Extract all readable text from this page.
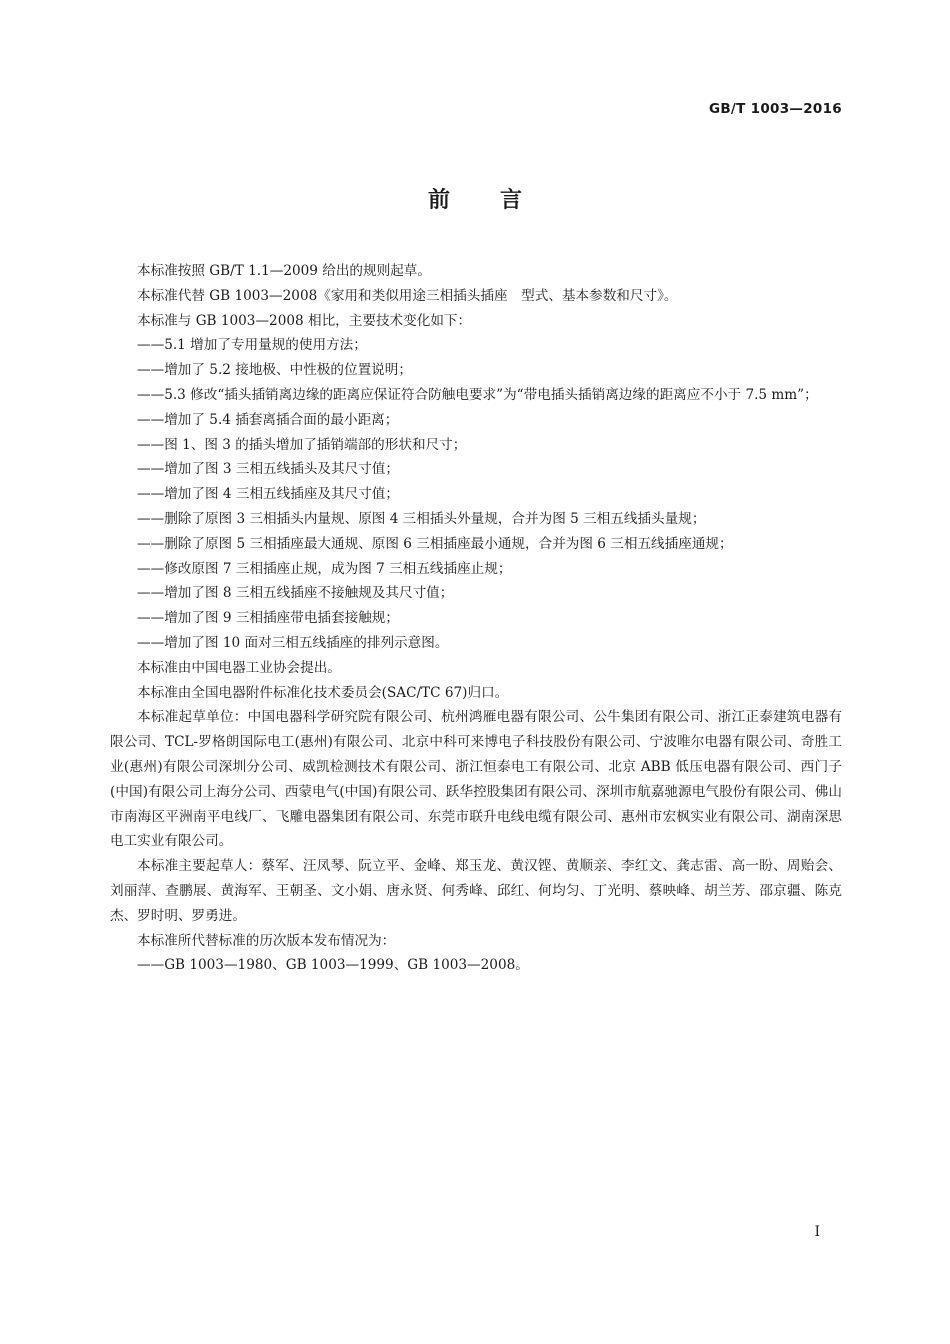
GB/T 1003—2016
前言

本标准按照 GB/T 1.1—2009 给出的规则起草。

本标准代替 GB 1003—2008《家用和类似用途三相插头插座　型式、基本参数和尺寸》。

本标准与 GB 1003—2008 相比，主要技术变化如下：

——5.1 增加了专用量规的使用方法；

——增加了 5.2 接地极、中性极的位置说明；

——5.3 修改“插头插销离边缘的距离应保证符合防触电要求”为“带电插头插销离边缘的距离应不小于 7.5 mm”；

——增加了 5.4 插套离插合面的最小距离；

——图 1、图 3 的插头增加了插销端部的形状和尺寸；

——增加了图 3 三相五线插头及其尺寸值；

——增加了图 4 三相五线插座及其尺寸值；

——删除了原图 3 三相插头内量规、原图 4 三相插头外量规，合并为图 5 三相五线插头量规；

——删除了原图 5 三相插座最大通规、原图 6 三相插座最小通规，合并为图 6 三相五线插座通规；

——修改原图 7 三相插座止规，成为图 7 三相五线插座止规；

——增加了图 8 三相五线插座不接触规及其尺寸值；

——增加了图 9 三相插座带电插套接触规；

——增加了图 10 面对三相五线插座的排列示意图。

本标准由中国电器工业协会提出。

本标准由全国电器附件标准化技术委员会(SAC/TC 67)归口。

本标准起草单位：中国电器科学研究院有限公司、杭州鸿雁电器有限公司、公牛集团有限公司、浙江正泰建筑电器有限公司、TCL-罗格朗国际电工(惠州)有限公司、北京中科可来博电子科技股份有限公司、宁波唯尔电器有限公司、奇胜工业(惠州)有限公司深圳分公司、威凯检测技术有限公司、浙江恒泰电工有限公司、北京 ABB 低压电器有限公司、西门子(中国)有限公司上海分公司、西蒙电气(中国)有限公司、跃华控股集团有限公司、深圳市航嘉驰源电气股份有限公司、佛山市南海区平洲南平电线厂、飞雕电器集团有限公司、东莞市联升电线电缆有限公司、惠州市宏枫实业有限公司、湖南深思电工实业有限公司。

本标准主要起草人：蔡军、汪凤琴、阮立平、金峰、郑玉龙、黄汉铿、黄顺亲、李红文、龚志雷、高一盼、周贻会、刘丽萍、查鹏展、黄海军、王朝圣、文小娟、唐永贤、何秀峰、邱红、何均匀、丁光明、蔡映峰、胡兰芳、邵京疆、陈克杰、罗时明、罗勇进。

本标准所代替标准的历次版本发布情况为：

——GB 1003—1980、GB 1003—1999、GB 1003—2008。

I
